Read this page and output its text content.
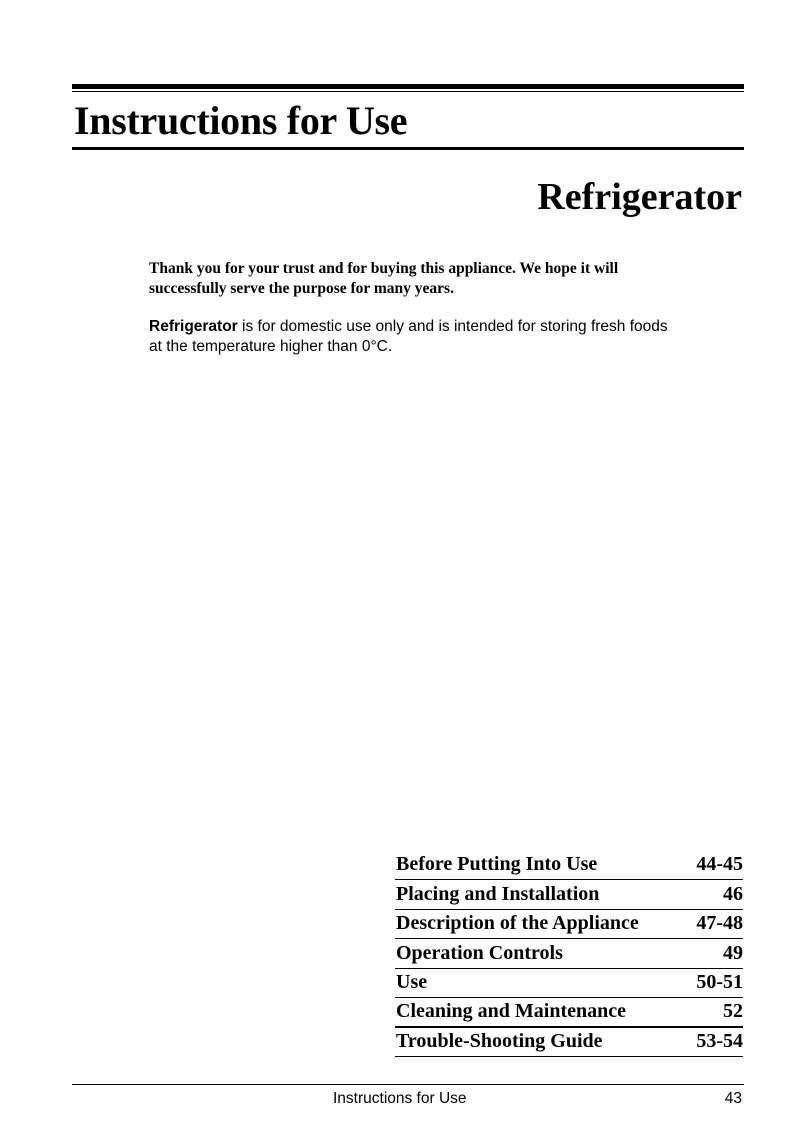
Instructions for Use
Refrigerator

Thank you for your trust and for buying this appliance. We hope it will
successfully serve the purpose for many years.

Refrigerator is for domestic use only and is intended for storing fresh foods
at the temperature higher than 0°C.

Before Putting Into Use	44-45
Placing and Installation	46
Description of the Appliance	47-48
Operation Controls	49
Use	50-51
Cleaning and Maintenance	52
Trouble-Shooting Guide	53-54
Instructions for Use	43
